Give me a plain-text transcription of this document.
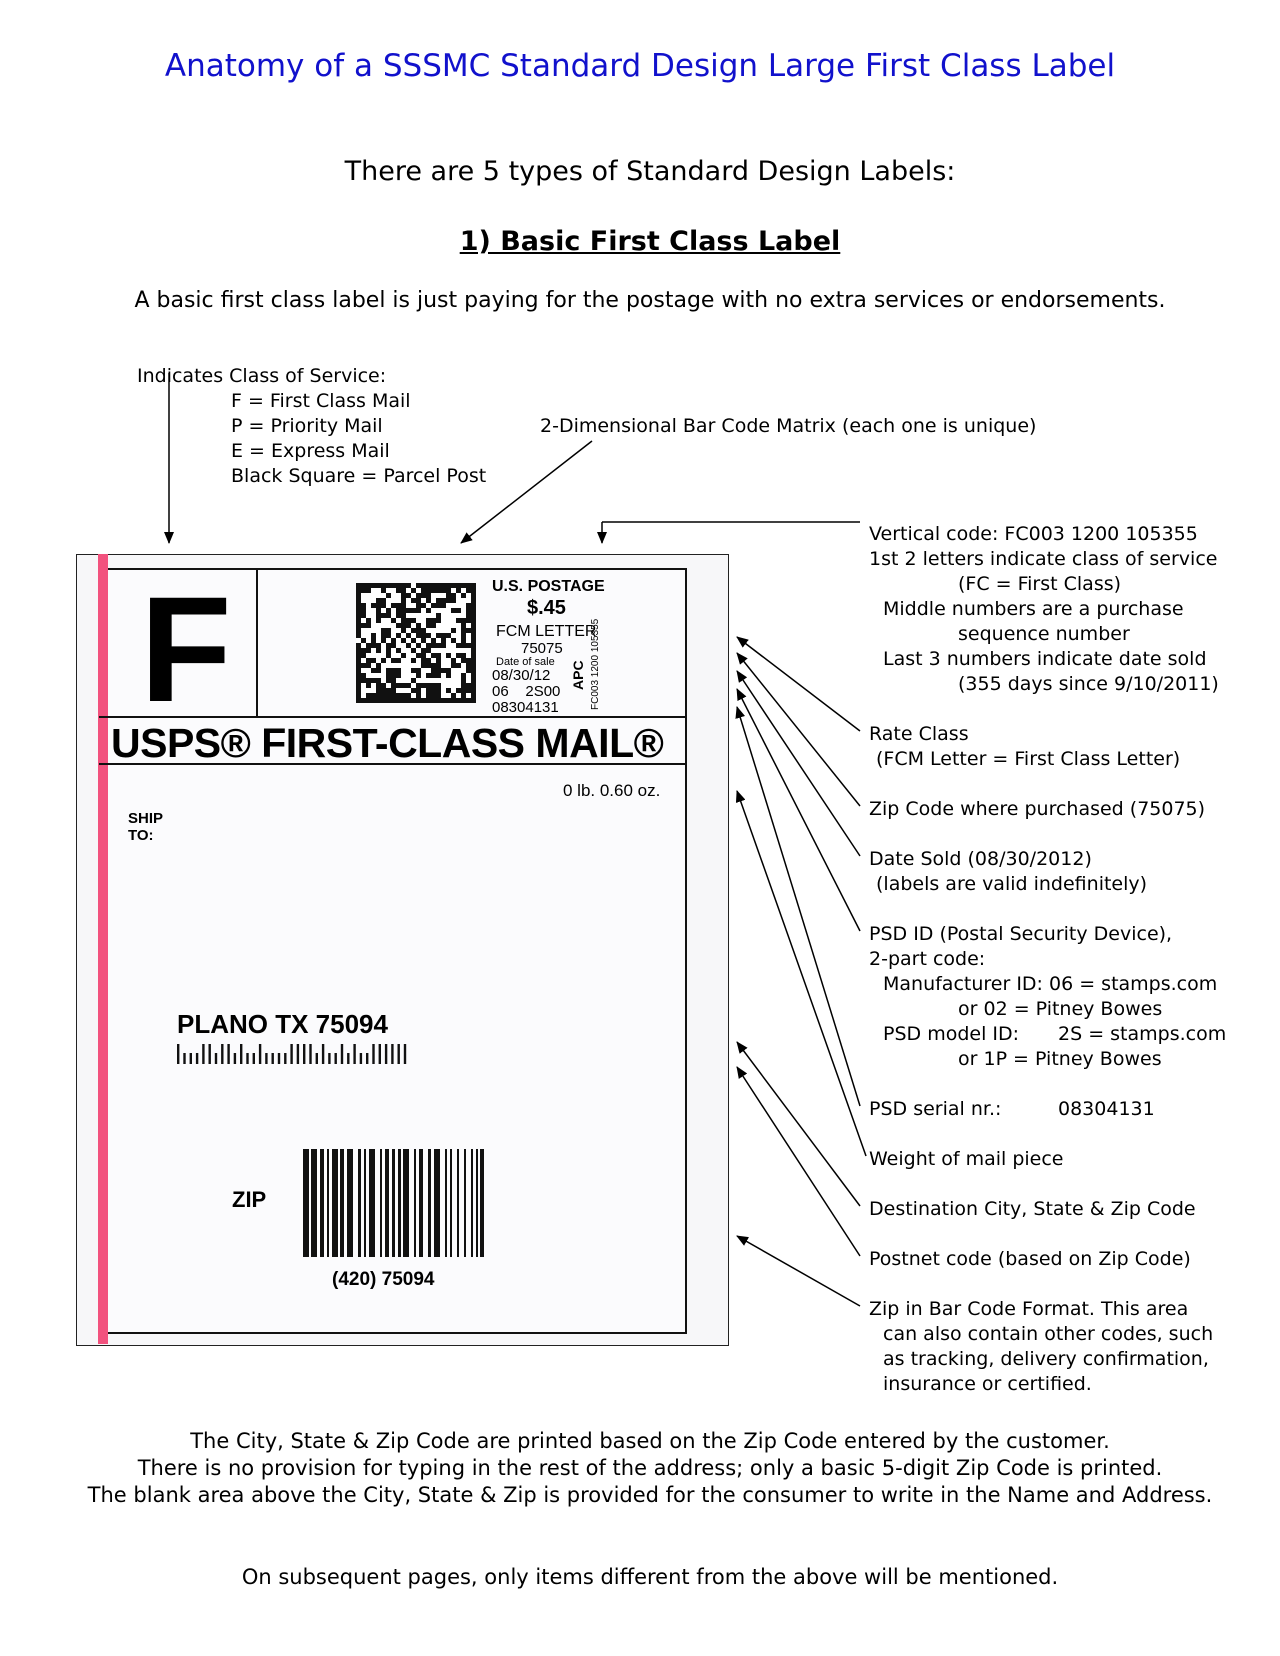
Anatomy of a SSSMC Standard Design Large First Class Label
There are 5 types of Standard Design Labels:
1) Basic First Class Label
A basic first class label is just paying for the postage with no extra services or endorsements.
Indicates Class of Service:
F = First Class Mail
P = Priority Mail
E = Express Mail
Black Square = Parcel Post
2-Dimensional Bar Code Matrix (each one is unique)
F	U.S. POSTAGE
$.45
FCM LETTER
75075
Date of sale
08/30/12
06    2S00
08304131
APC FC003 1200 105355
USPS® FIRST-CLASS MAIL®
0 lb. 0.60 oz.
SHIP
TO:
PLANO TX 75094
ZIP
(420) 75094
Vertical code: FC003 1200 105355
1st 2 letters indicate class of service
(FC = First Class)
Middle numbers are a purchase
sequence number
Last 3 numbers indicate date sold
(355 days since 9/10/2011)
Rate Class
(FCM Letter = First Class Letter)
Zip Code where purchased (75075)
Date Sold (08/30/2012)
(labels are valid indefinitely)
PSD ID (Postal Security Device),
2-part code:
Manufacturer ID: 06 = stamps.com
or 02 = Pitney Bowes
PSD model ID: 2S = stamps.com
or 1P = Pitney Bowes
PSD serial nr.:	08304131
Weight of mail piece
Destination City, State & Zip Code
Postnet code (based on Zip Code)
Zip in Bar Code Format. This area
can also contain other codes, such
as tracking, delivery confirmation,
insurance or certified.
The City, State & Zip Code are printed based on the Zip Code entered by the customer.
There is no provision for typing in the rest of the address; only a basic 5-digit Zip Code is printed.
The blank area above the City, State & Zip is provided for the consumer to write in the Name and Address.
On subsequent pages, only items different from the above will be mentioned.
